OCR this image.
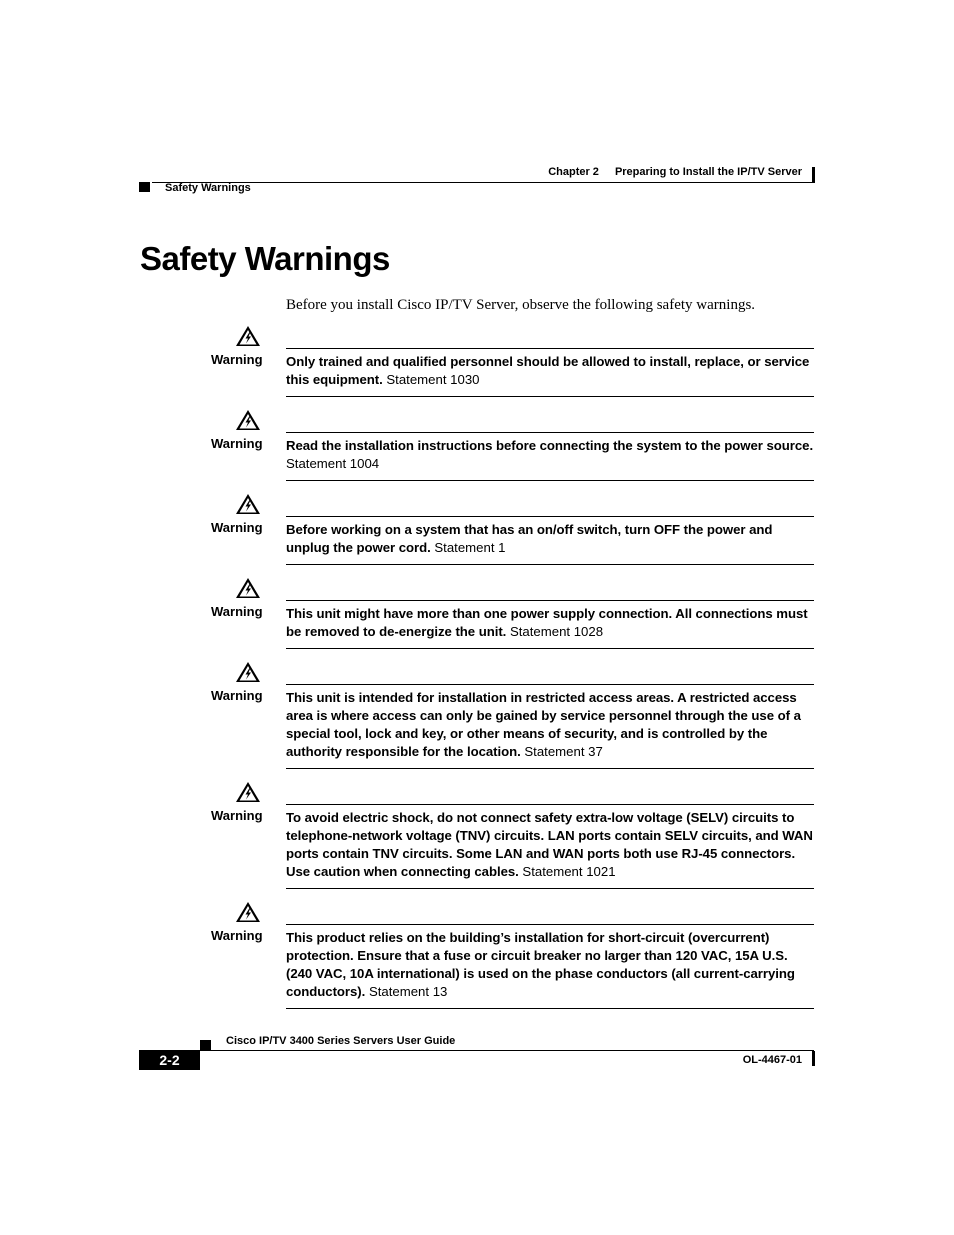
Chapter 2 Preparing to Install the IP/TV Server
Safety Warnings
Safety Warnings

Before you install Cisco IP/TV Server, observe the following safety warnings.

Warning Only trained and qualified personnel should be allowed to install, replace, or service this equipment. Statement 1030
Warning Read the installation instructions before connecting the system to the power source. Statement 1004
Warning Before working on a system that has an on/off switch, turn OFF the power and unplug the power cord. Statement 1
Warning This unit might have more than one power supply connection. All connections must be removed to de-energize the unit. Statement 1028
Warning This unit is intended for installation in restricted access areas. A restricted access area is where access can only be gained by service personnel through the use of a special tool, lock and key, or other means of security, and is controlled by the authority responsible for the location. Statement 37
Warning To avoid electric shock, do not connect safety extra-low voltage (SELV) circuits to telephone-network voltage (TNV) circuits. LAN ports contain SELV circuits, and WAN ports contain TNV circuits. Some LAN and WAN ports both use RJ-45 connectors. Use caution when connecting cables. Statement 1021
Warning This product relies on the building’s installation for short-circuit (overcurrent) protection. Ensure that a fuse or circuit breaker no larger than 120 VAC, 15A U.S. (240 VAC, 10A international) is used on the phase conductors (all current-carrying conductors). Statement 13
Cisco IP/TV 3400 Series Servers User Guide
2-2	OL-4467-01
